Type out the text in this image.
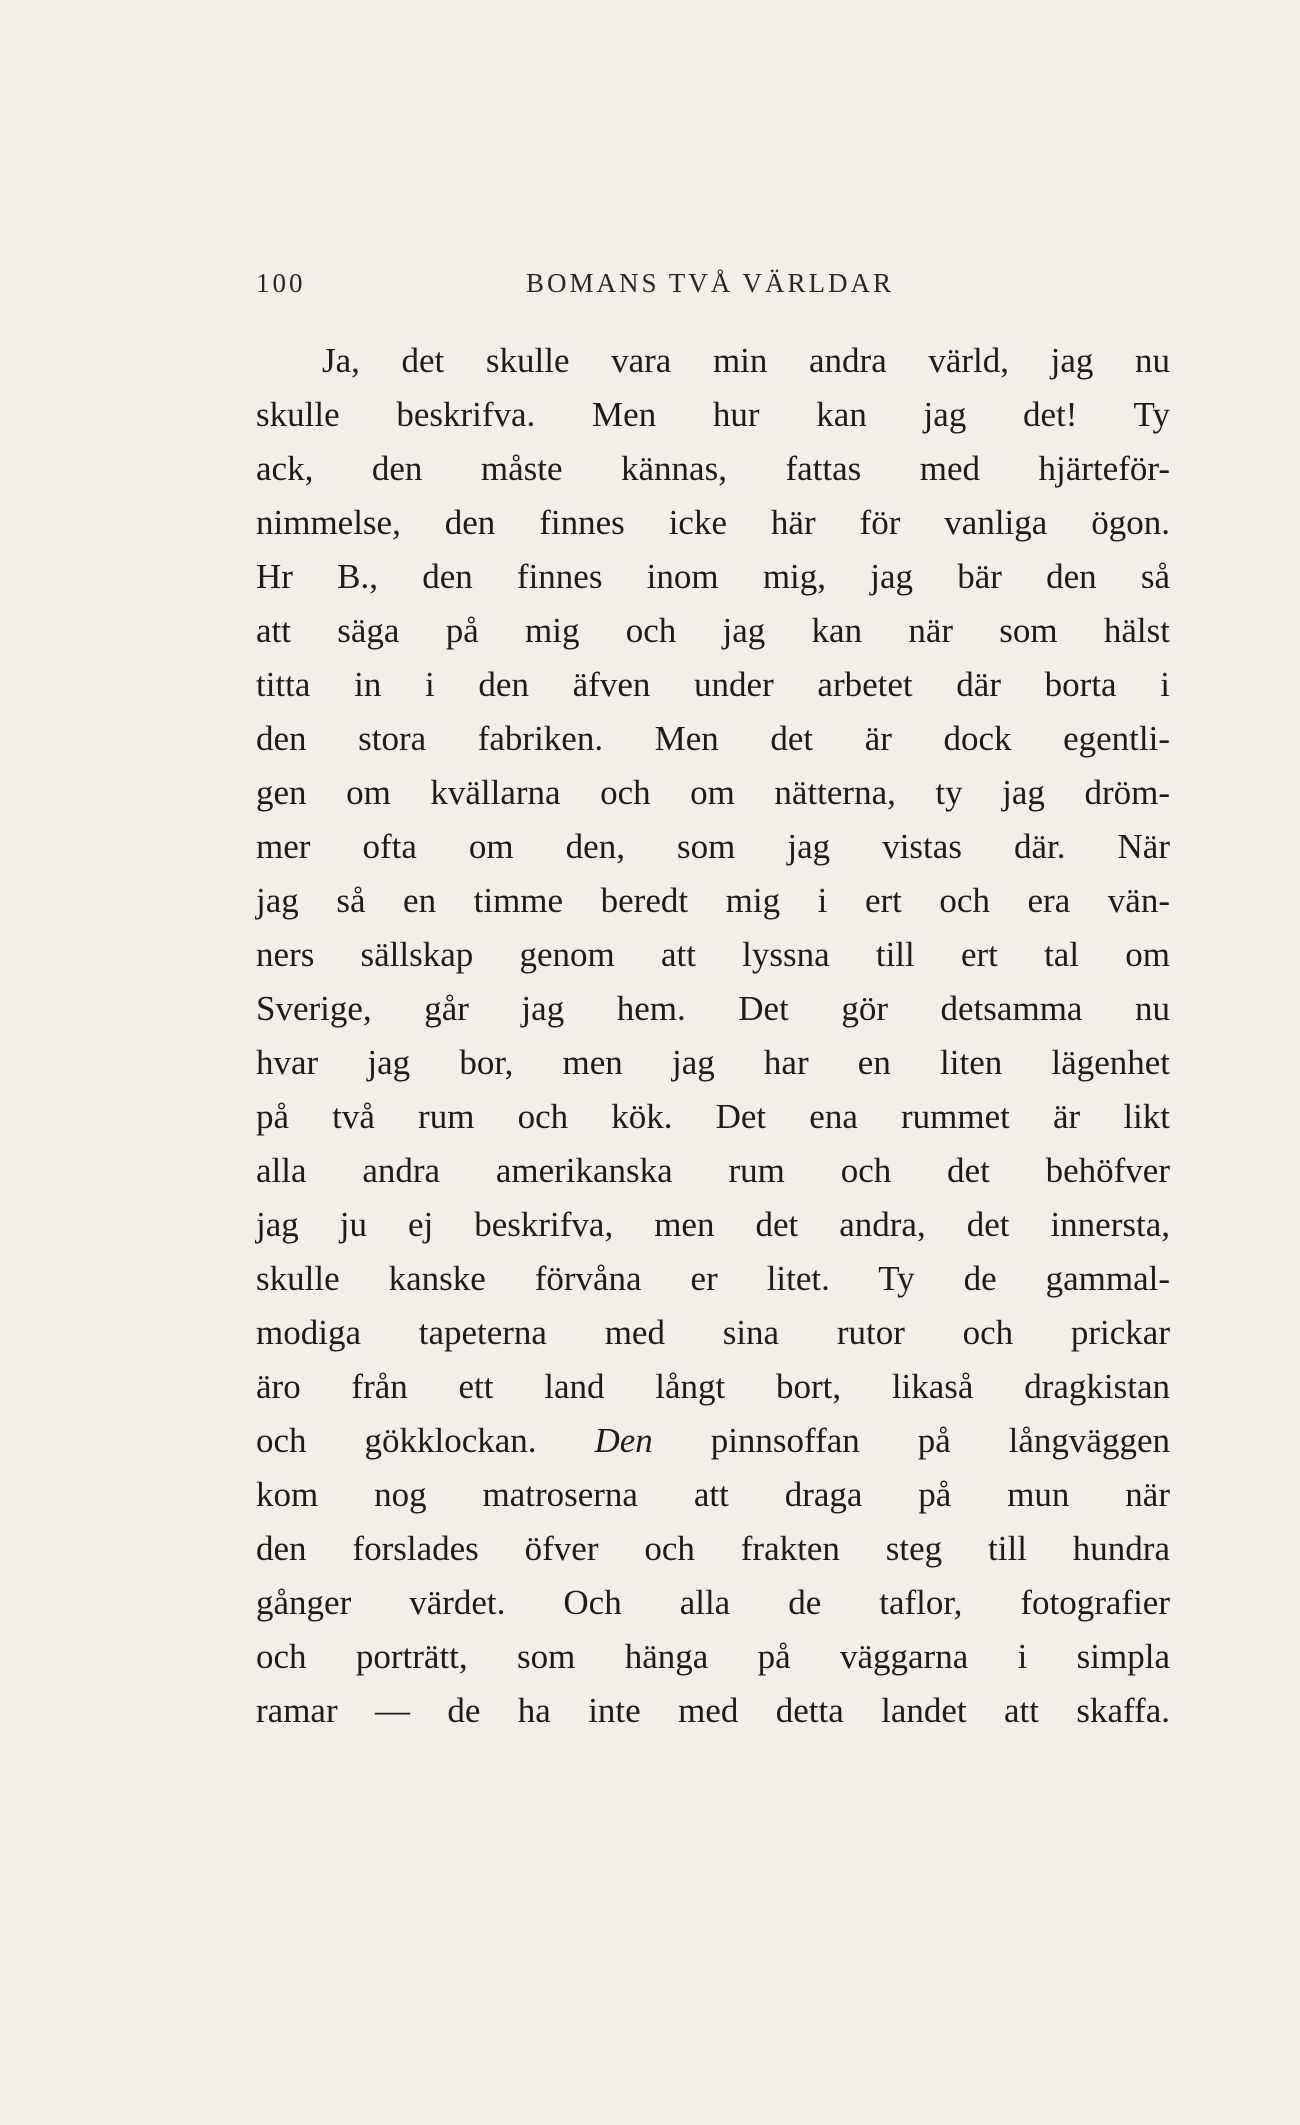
100	BOMANS TVÅ VÄRLDAR
Ja, det skulle vara min andra värld, jag nu
skulle beskrifva. Men hur kan jag det! Ty
ack, den måste kännas, fattas med hjärteför-
nimmelse, den finnes icke här för vanliga ögon.
Hr B., den finnes inom mig, jag bär den så
att säga på mig och jag kan när som hälst
titta in i den äfven under arbetet där borta i
den stora fabriken. Men det är dock egentli-
gen om kvällarna och om nätterna, ty jag dröm-
mer ofta om den, som jag vistas där. När
jag så en timme beredt mig i ert och era vän-
ners sällskap genom att lyssna till ert tal om
Sverige, går jag hem. Det gör detsamma nu
hvar jag bor, men jag har en liten lägenhet
på två rum och kök. Det ena rummet är likt
alla andra amerikanska rum och det behöfver
jag ju ej beskrifva, men det andra, det innersta,
skulle kanske förvåna er litet. Ty de gammal-
modiga tapeterna med sina rutor och prickar
äro från ett land långt bort, likaså dragkistan
och gökklockan. Den pinnsoffan på långväggen
kom nog matroserna att draga på mun när
den forslades öfver och frakten steg till hundra
gånger värdet. Och alla de taflor, fotografier
och porträtt, som hänga på väggarna i simpla
ramar — de ha inte med detta landet att skaffa.
